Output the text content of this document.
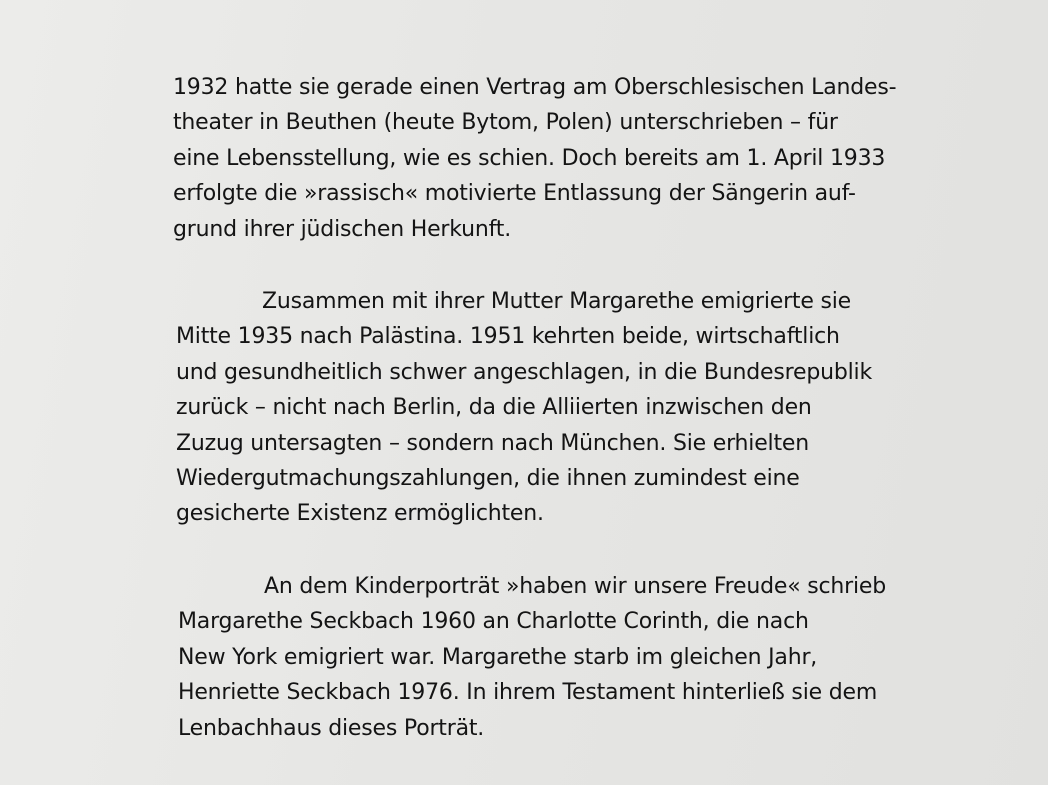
1932 hatte sie gerade einen Vertrag am Oberschlesischen Landes-
theater in Beuthen (heute Bytom, Polen) unterschrieben – für
eine Lebensstellung, wie es schien. Doch bereits am 1. April 1933
erfolgte die »rassisch« motivierte Entlassung der Sängerin auf-
grund ihrer jüdischen Herkunft.

Zusammen mit ihrer Mutter Margarethe emigrierte sie
Mitte 1935 nach Palästina. 1951 kehrten beide, wirtschaftlich
und gesundheitlich schwer angeschlagen, in die Bundesrepublik
zurück – nicht nach Berlin, da die Alliierten inzwischen den
Zuzug untersagten – sondern nach München. Sie erhielten
Wiedergutmachungszahlungen, die ihnen zumindest eine
gesicherte Existenz ermöglichten.

An dem Kinderporträt »haben wir unsere Freude« schrieb
Margarethe Seckbach 1960 an Charlotte Corinth, die nach
New York emigriert war. Margarethe starb im gleichen Jahr,
Henriette Seckbach 1976. In ihrem Testament hinterließ sie dem
Lenbachhaus dieses Porträt.
